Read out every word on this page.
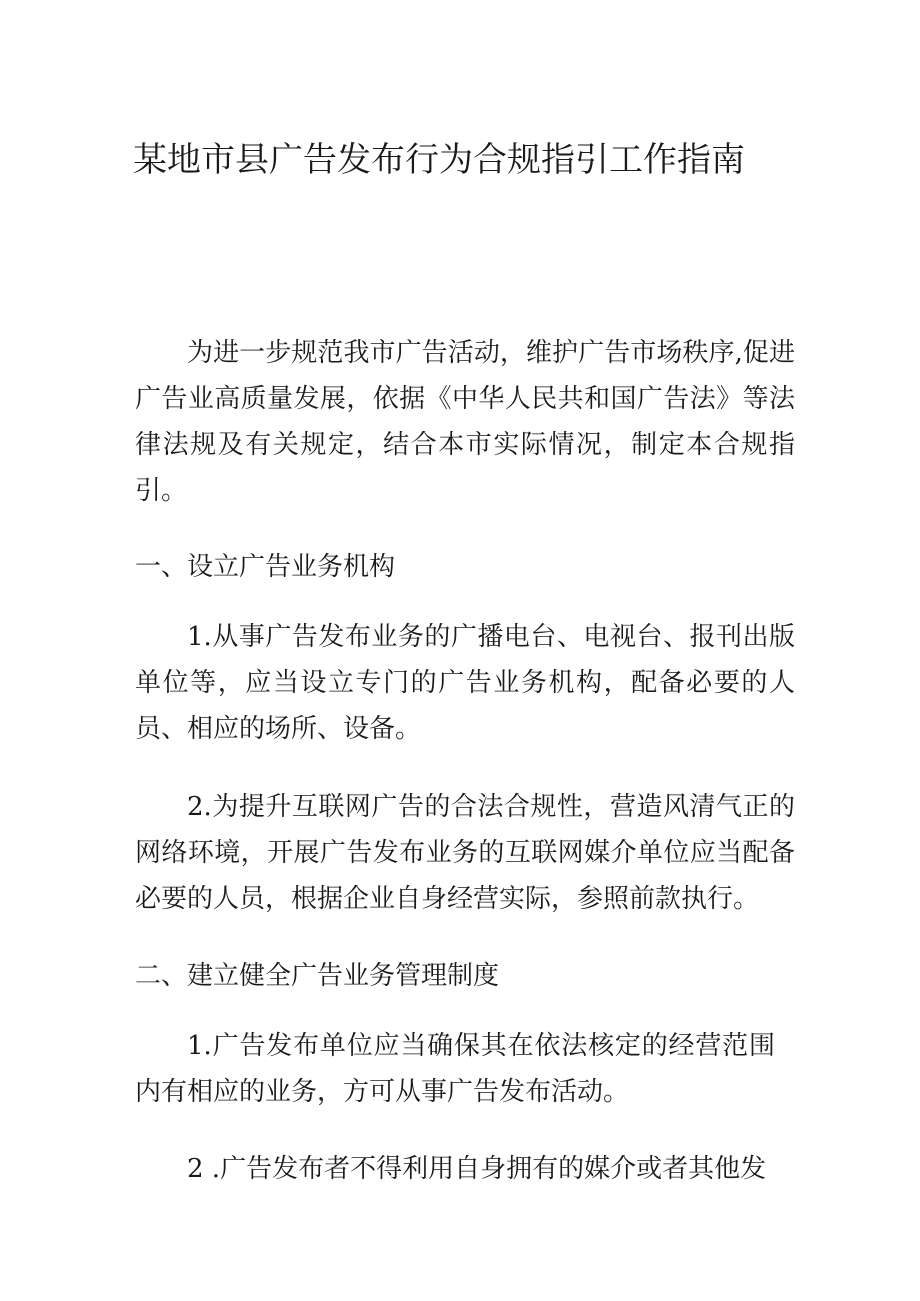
某地市县广告发布行为合规指引工作指南
为进一步规范我市广告活动，维护广告市场秩序,促进广告业高质量发展，依据《中华人民共和国广告法》等法律法规及有关规定，结合本市实际情况，制定本合规指引。
一、设立广告业务机构
1.从事广告发布业务的广播电台、电视台、报刊出版单位等，应当设立专门的广告业务机构，配备必要的人员、相应的场所、设备。
2.为提升互联网广告的合法合规性，营造风清气正的网络环境，开展广告发布业务的互联网媒介单位应当配备必要的人员，根据企业自身经营实际，参照前款执行。
二、建立健全广告业务管理制度
1.广告发布单位应当确保其在依法核定的经营范围内有相应的业务，方可从事广告发布活动。
2 .广告发布者不得利用自身拥有的媒介或者其他发
